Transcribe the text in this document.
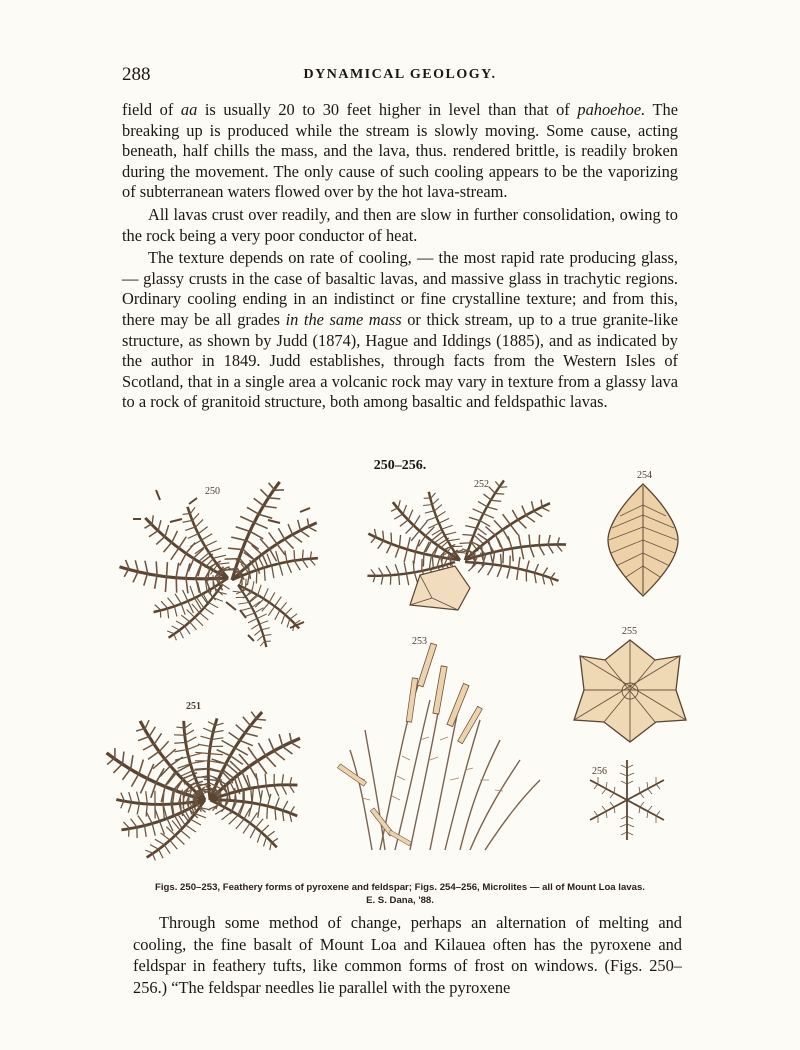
288	DYNAMICAL GEOLOGY.

field of aa is usually 20 to 30 feet higher in level than that of pahoehoe. The breaking up is produced while the stream is slowly moving. Some cause, acting beneath, half chills the mass, and the lava, thus. rendered brittle, is readily broken during the movement. The only cause of such cooling appears to be the vaporizing of subterranean waters flowed over by the hot lava-stream.

All lavas crust over readily, and then are slow in further consolidation, owing to the rock being a very poor conductor of heat.

The texture depends on rate of cooling, — the most rapid rate producing glass, — glassy crusts in the case of basaltic lavas, and massive glass in trachytic regions. Ordinary cooling ending in an indistinct or fine crystalline texture; and from this, there may be all grades in the same mass or thick stream, up to a true granite-like structure, as shown by Judd (1874), Hague and Iddings (1885), and as indicated by the author in 1849. Judd establishes, through facts from the Western Isles of Scotland, that in a single area a volcanic rock may vary in texture from a glassy lava to a rock of granitoid structure, both among basaltic and feldspathic lavas.

250–256.
250
251
252
253
254
255
256
Figs. 250–253, Feathery forms of pyroxene and feldspar; Figs. 254–256, Microlites — all of Mount Loa lavas.
E. S. Dana, '88.

Through some method of change, perhaps an alternation of melting and cooling, the fine basalt of Mount Loa and Kilauea often has the pyroxene and feldspar in feathery tufts, like common forms of frost on windows. (Figs. 250–256.) “The feldspar needles lie parallel with the pyroxene
